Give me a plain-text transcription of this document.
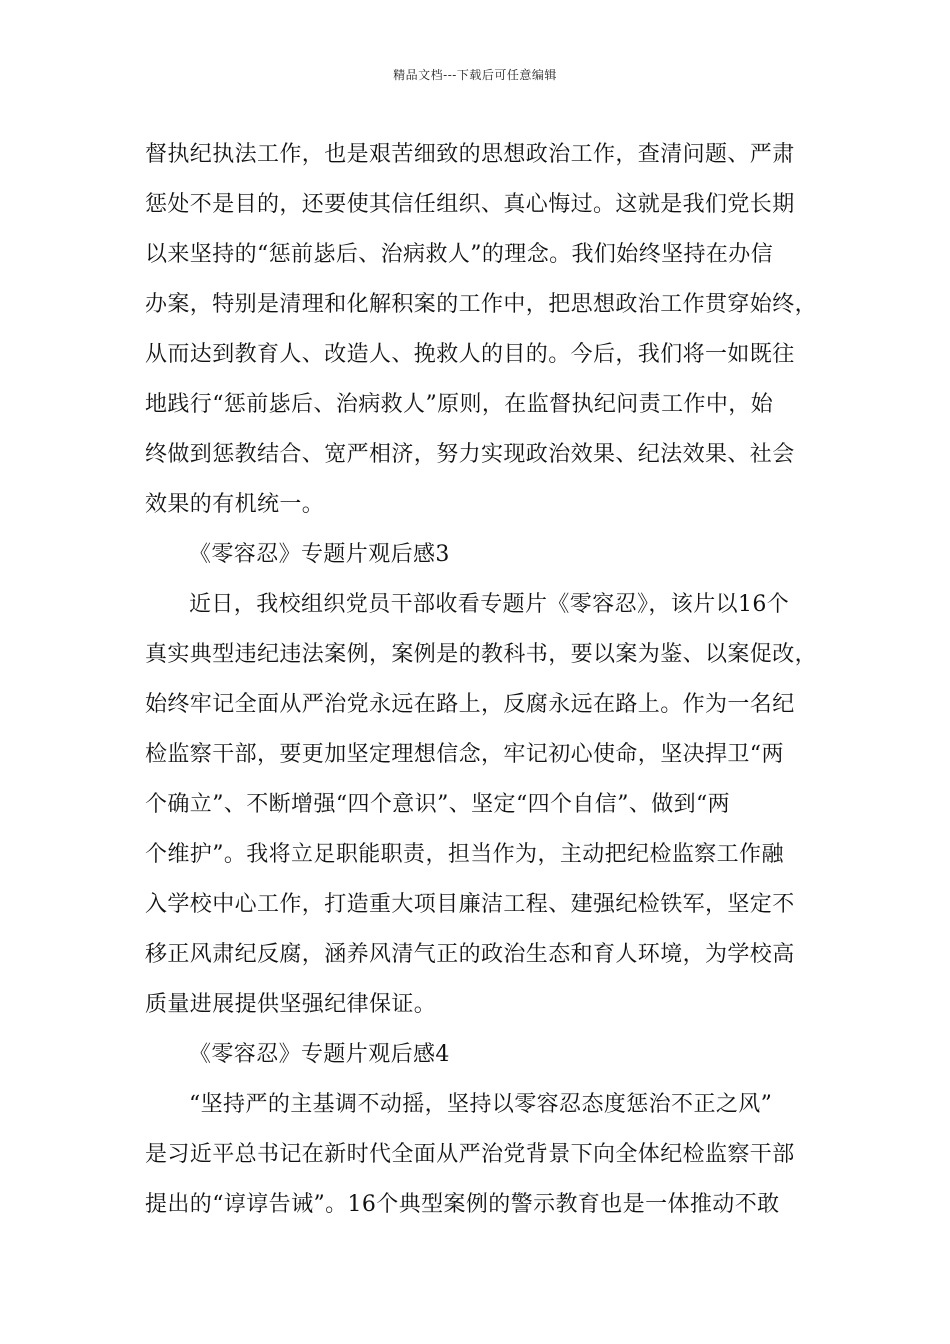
精品文档---下载后可任意编辑
督执纪执法工作，也是艰苦细致的思想政治工作，查清问题、严肃
惩处不是目的，还要使其信任组织、真心悔过。这就是我们党长期
以来坚持的“惩前毖后、治病救人”的理念。我们始终坚持在办信
办案，特别是清理和化解积案的工作中，把思想政治工作贯穿始终，
从而达到教育人、改造人、挽救人的目的。今后，我们将一如既往
地践行“惩前毖后、治病救人”原则，在监督执纪问责工作中，始
终做到惩教结合、宽严相济，努力实现政治效果、纪法效果、社会
效果的有机统一。
《零容忍》专题片观后感3
近日，我校组织党员干部收看专题片《零容忍》，该片以16个
真实典型违纪违法案例，案例是的教科书，要以案为鉴、以案促改，
始终牢记全面从严治党永远在路上，反腐永远在路上。作为一名纪
检监察干部，要更加坚定理想信念，牢记初心使命，坚决捍卫“两
个确立”、不断增强“四个意识”、坚定“四个自信”、做到“两
个维护”。我将立足职能职责，担当作为，主动把纪检监察工作融
入学校中心工作，打造重大项目廉洁工程、建强纪检铁军，坚定不
移正风肃纪反腐，涵养风清气正的政治生态和育人环境，为学校高
质量进展提供坚强纪律保证。
《零容忍》专题片观后感4
“坚持严的主基调不动摇，坚持以零容忍态度惩治不正之风”
是习近平总书记在新时代全面从严治党背景下向全体纪检监察干部
提出的“谆谆告诫”。16个典型案例的警示教育也是一体推动不敢
